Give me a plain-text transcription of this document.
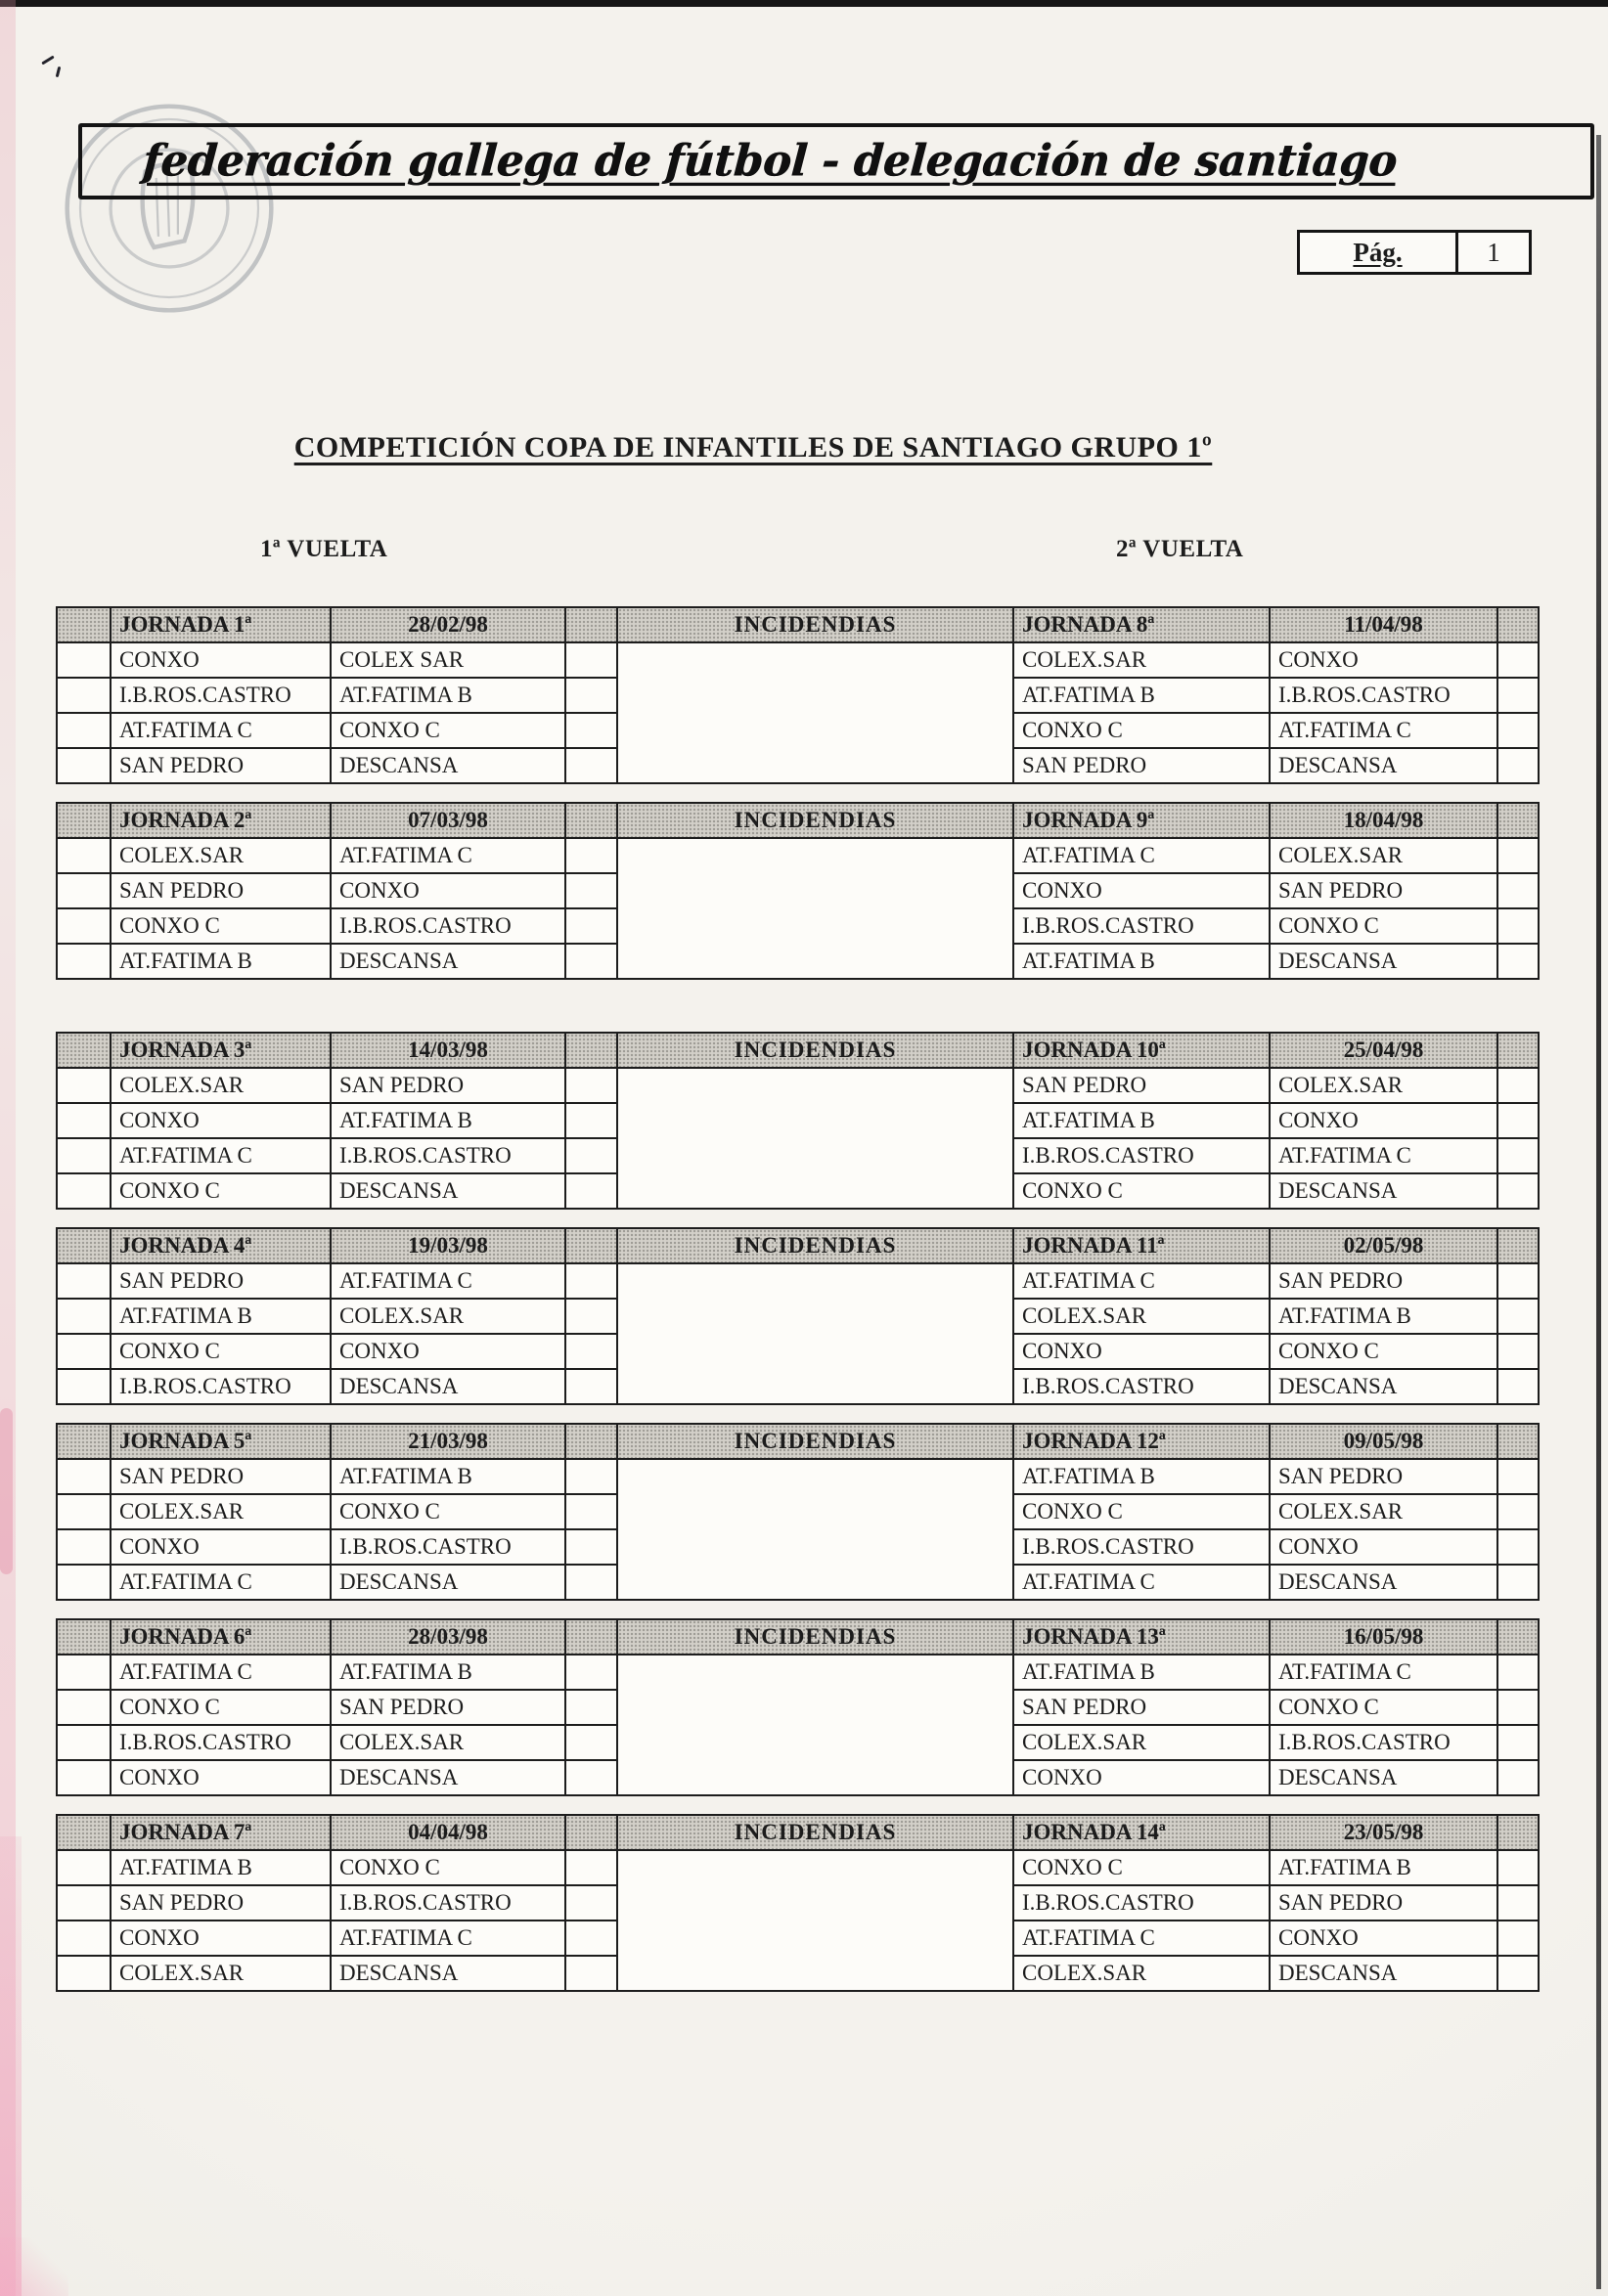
federación gallega de fútbol - delegación de santiago
Pág.	1
COMPETICIÓN COPA DE INFANTILES DE SANTIAGO GRUPO 1º
1ª VUELTA	2ª VUELTA
	JORNADA 1ª	28/02/98		INCIDENDIAS	JORNADA 8ª	11/04/98	
	CONXO	COLEX SAR			COLEX.SAR	CONXO	
	I.B.ROS.CASTRO	AT.FATIMA B			AT.FATIMA B	I.B.ROS.CASTRO	
	AT.FATIMA C	CONXO C			CONXO C	AT.FATIMA C	
	SAN PEDRO	DESCANSA			SAN PEDRO	DESCANSA	
	JORNADA 2ª	07/03/98		INCIDENDIAS	JORNADA 9ª	18/04/98	
	COLEX.SAR	AT.FATIMA C			AT.FATIMA C	COLEX.SAR	
	SAN PEDRO	CONXO			CONXO	SAN PEDRO	
	CONXO C	I.B.ROS.CASTRO			I.B.ROS.CASTRO	CONXO C	
	AT.FATIMA B	DESCANSA			AT.FATIMA B	DESCANSA	
	JORNADA 3ª	14/03/98		INCIDENDIAS	JORNADA 10ª	25/04/98	
	COLEX.SAR	SAN PEDRO			SAN PEDRO	COLEX.SAR	
	CONXO	AT.FATIMA B			AT.FATIMA B	CONXO	
	AT.FATIMA C	I.B.ROS.CASTRO			I.B.ROS.CASTRO	AT.FATIMA C	
	CONXO C	DESCANSA			CONXO C	DESCANSA	
	JORNADA 4ª	19/03/98		INCIDENDIAS	JORNADA 11ª	02/05/98	
	SAN PEDRO	AT.FATIMA C			AT.FATIMA C	SAN PEDRO	
	AT.FATIMA B	COLEX.SAR			COLEX.SAR	AT.FATIMA B	
	CONXO C	CONXO			CONXO	CONXO C	
	I.B.ROS.CASTRO	DESCANSA			I.B.ROS.CASTRO	DESCANSA	
	JORNADA 5ª	21/03/98		INCIDENDIAS	JORNADA 12ª	09/05/98	
	SAN PEDRO	AT.FATIMA B			AT.FATIMA B	SAN PEDRO	
	COLEX.SAR	CONXO C			CONXO C	COLEX.SAR	
	CONXO	I.B.ROS.CASTRO			I.B.ROS.CASTRO	CONXO	
	AT.FATIMA C	DESCANSA			AT.FATIMA C	DESCANSA	
	JORNADA 6ª	28/03/98		INCIDENDIAS	JORNADA 13ª	16/05/98	
	AT.FATIMA C	AT.FATIMA B			AT.FATIMA B	AT.FATIMA C	
	CONXO C	SAN PEDRO			SAN PEDRO	CONXO C	
	I.B.ROS.CASTRO	COLEX.SAR			COLEX.SAR	I.B.ROS.CASTRO	
	CONXO	DESCANSA			CONXO	DESCANSA	
	JORNADA 7ª	04/04/98		INCIDENDIAS	JORNADA 14ª	23/05/98	
	AT.FATIMA B	CONXO C			CONXO C	AT.FATIMA B	
	SAN PEDRO	I.B.ROS.CASTRO			I.B.ROS.CASTRO	SAN PEDRO	
	CONXO	AT.FATIMA C			AT.FATIMA C	CONXO	
	COLEX.SAR	DESCANSA			COLEX.SAR	DESCANSA	
